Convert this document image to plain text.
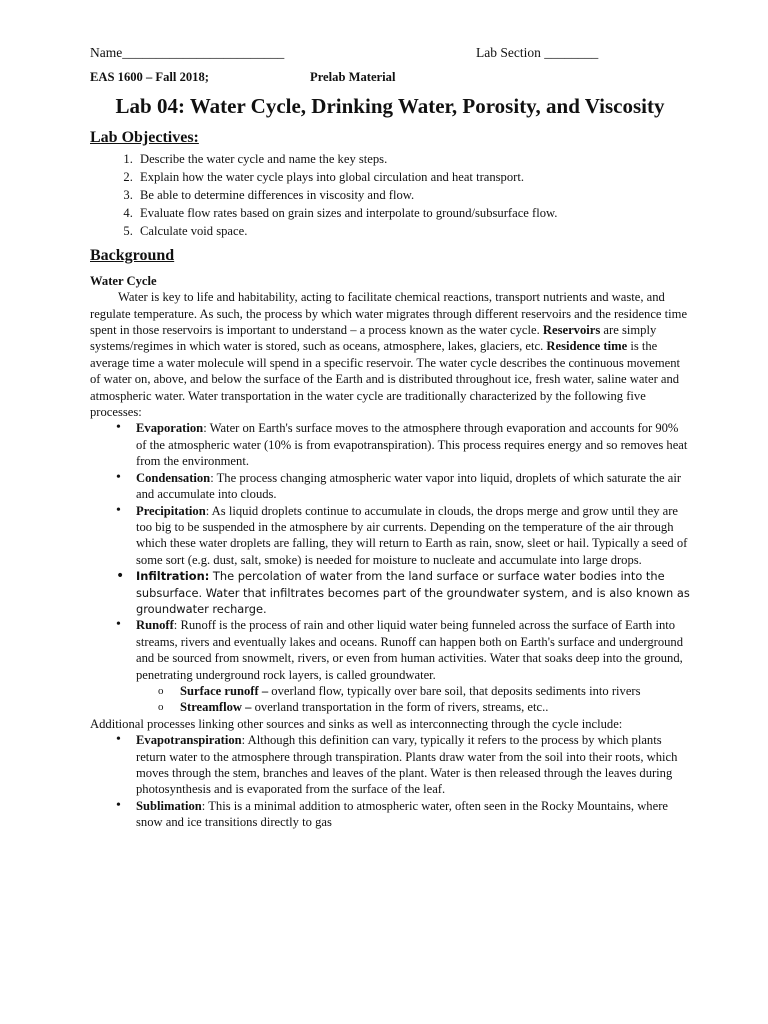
Name________________________	Lab Section ________
EAS 1600 – Fall 2018;	Prelab Material
Lab 04: Water Cycle, Drinking Water, Porosity, and Viscosity
Lab Objectives:
1. Describe the water cycle and name the key steps.
2. Explain how the water cycle plays into global circulation and heat transport.
3. Be able to determine differences in viscosity and flow.
4. Evaluate flow rates based on grain sizes and interpolate to ground/subsurface flow.
5. Calculate void space.
Background
Water Cycle

Water is key to life and habitability, acting to facilitate chemical reactions, transport nutrients and waste, and regulate temperature. As such, the process by which water migrates through different reservoirs and the residence time spent in those reservoirs is important to understand – a process known as the water cycle. Reservoirs are simply systems/regimes in which water is stored, such as oceans, atmosphere, lakes, glaciers, etc. Residence time is the average time a water molecule will spend in a specific reservoir. The water cycle describes the continuous movement of water on, above, and below the surface of the Earth and is distributed throughout ice, fresh water, saline water and atmospheric water. Water transportation in the water cycle are traditionally characterized by the following five processes:

• Evaporation: Water on Earth's surface moves to the atmosphere through evaporation and accounts for 90% of the atmospheric water (10% is from evapotranspiration). This process requires energy and so removes heat from the environment.
• Condensation: The process changing atmospheric water vapor into liquid, droplets of which saturate the air and accumulate into clouds.
• Precipitation: As liquid droplets continue to accumulate in clouds, the drops merge and grow until they are too big to be suspended in the atmosphere by air currents. Depending on the temperature of the air through which these water droplets are falling, they will return to Earth as rain, snow, sleet or hail. Typically a seed of some sort (e.g. dust, salt, smoke) is needed for moisture to nucleate and accumulate into large drops.
• Infiltration: The percolation of water from the land surface or surface water bodies into the subsurface. Water that infiltrates becomes part of the groundwater system, and is also known as groundwater recharge.
• Runoff: Runoff is the process of rain and other liquid water being funneled across the surface of Earth into streams, rivers and eventually lakes and oceans. Runoff can happen both on Earth's surface and underground and be sourced from snowmelt, rivers, or even from human activities. Water that soaks deep into the ground, penetrating underground rock layers, is called groundwater.
o Surface runoff – overland flow, typically over bare soil, that deposits sediments into rivers
o Streamflow – overland transportation in the form of rivers, streams, etc..

Additional processes linking other sources and sinks as well as interconnecting through the cycle include:

• Evapotranspiration: Although this definition can vary, typically it refers to the process by which plants return water to the atmosphere through transpiration. Plants draw water from the soil into their roots, which moves through the stem, branches and leaves of the plant. Water is then released through the leaves during photosynthesis and is evaporated from the surface of the leaf.
• Sublimation: This is a minimal addition to atmospheric water, often seen in the Rocky Mountains, where snow and ice transitions directly to gas
